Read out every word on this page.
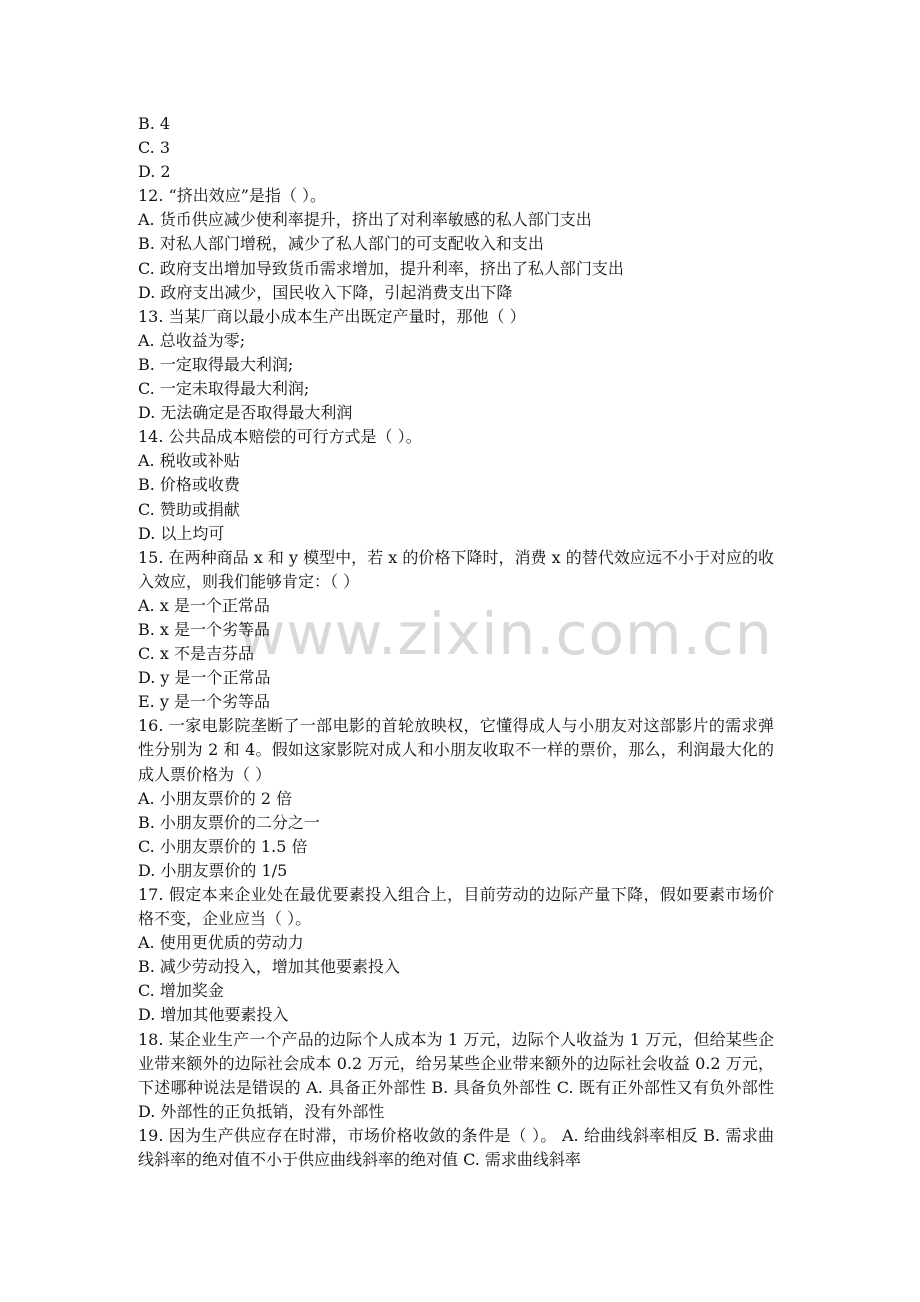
www.zixin.com.cn
B. 4
C. 3
D. 2
12. “挤出效应”是指（ ）。
A. 货币供应减少使利率提升，挤出了对利率敏感的私人部门支出
B. 对私人部门增税，减少了私人部门的可支配收入和支出
C. 政府支出增加导致货币需求增加，提升利率，挤出了私人部门支出
D. 政府支出减少，国民收入下降，引起消费支出下降
13. 当某厂商以最小成本生产出既定产量时，那他（ ）
A. 总收益为零;
B. 一定取得最大利润;
C. 一定未取得最大利润;
D. 无法确定是否取得最大利润
14. 公共品成本赔偿的可行方式是（ ）。
A. 税收或补贴
B. 价格或收费
C. 赞助或捐献
D. 以上均可
15. 在两种商品 x 和 y 模型中，若 x 的价格下降时，消费 x 的替代效应远不小于对应的收入效应，则我们能够肯定：（ ）
A. x 是一个正常品
B. x 是一个劣等品
C. x 不是吉芬品
D. y 是一个正常品
E. y 是一个劣等品
16. 一家电影院垄断了一部电影的首轮放映权，它懂得成人与小朋友对这部影片的需求弹性分别为 2 和 4。假如这家影院对成人和小朋友收取不一样的票价，那么，利润最大化的成人票价格为（ ）
A. 小朋友票价的 2 倍
B. 小朋友票价的二分之一
C. 小朋友票价的 1.5 倍
D. 小朋友票价的 1/5
17. 假定本来企业处在最优要素投入组合上，目前劳动的边际产量下降，假如要素市场价格不变，企业应当（ ）。
A. 使用更优质的劳动力
B. 减少劳动投入，增加其他要素投入
C. 增加奖金
D. 增加其他要素投入
18. 某企业生产一个产品的边际个人成本为 1 万元，边际个人收益为 1 万元，但给某些企业带来额外的边际社会成本 0.2 万元，给另某些企业带来额外的边际社会收益 0.2 万元，下述哪种说法是错误的 A. 具备正外部性 B. 具备负外部性 C. 既有正外部性又有负外部性 D. 外部性的正负抵销，没有外部性
19. 因为生产供应存在时滞，市场价格收敛的条件是（ ）。 A. 给曲线斜率相反 B. 需求曲线斜率的绝对值不小于供应曲线斜率的绝对值 C. 需求曲线斜率
